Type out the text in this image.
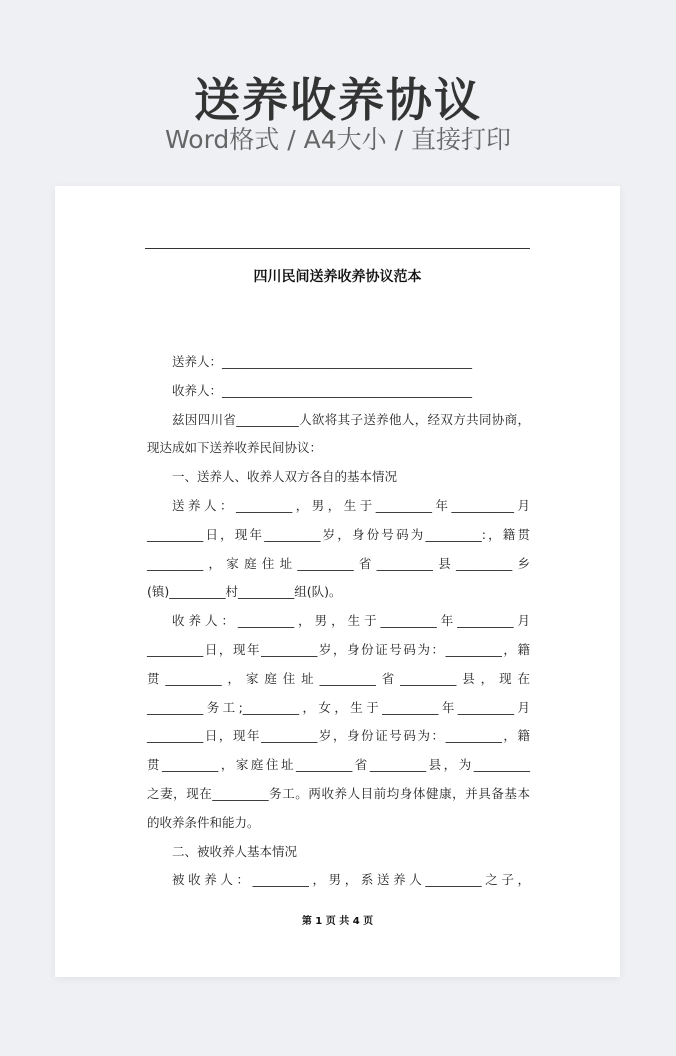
送养收养协议
Word格式 / A4大小 / 直接打印
四川民间送养收养协议范本
送养人：________________________________________
收养人：________________________________________
兹因四川省__________人欲将其子送养他人，经双方共同协商，
现达成如下送养收养民间协议：
一、送养人、收养人双方各自的基本情况
送养人：_________，男，生于_________年__________月
_________日，现年_________岁，身份号码为_________:，籍贯
_________，家庭住址_________省_________县_________乡
(镇)_________村_________组(队)。
收养人：_________，男，生于_________年_________月
_________日，现年_________岁，身份证号码为：_________，籍
贯_________，家庭住址_________省_________县，现在
_________务工;_________，女，生于_________年_________月
_________日，现年_________岁，身份证号码为：_________，籍
贯_________，家庭住址_________省_________县，为_________
之妻，现在_________务工。两收养人目前均身体健康，并具备基本
的收养条件和能力。
二、被收养人基本情况
被收养人：_________，男，系送养人_________之子，
第 1 页 共 4 页
